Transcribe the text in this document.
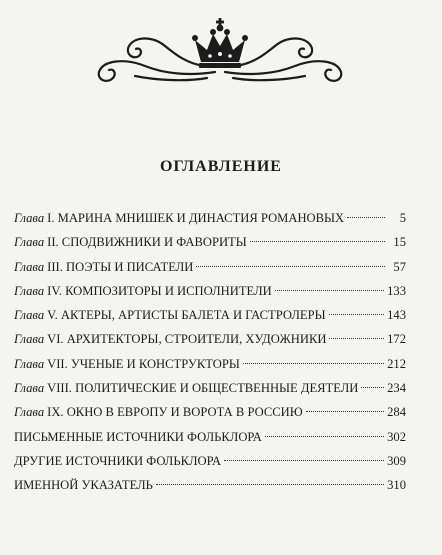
ОГЛАВЛЕНИЕ
Глава I. МАРИНА МНИШЕК И ДИНАСТИЯ РОМАНОВЫХ	5
Глава II. СПОДВИЖНИКИ И ФАВОРИТЫ	15
Глава III. ПОЭТЫ И ПИСАТЕЛИ	57
Глава IV. КОМПОЗИТОРЫ И ИСПОЛНИТЕЛИ	133
Глава V. АКТЕРЫ, АРТИСТЫ БАЛЕТА И ГАСТРОЛЕРЫ	143
Глава VI. АРХИТЕКТОРЫ, СТРОИТЕЛИ, ХУДОЖНИКИ	172
Глава VII. УЧЕНЫЕ И КОНСТРУКТОРЫ	212
Глава VIII. ПОЛИТИЧЕСКИЕ И ОБЩЕСТВЕННЫЕ ДЕЯТЕЛИ 234
Глава IX. ОКНО В ЕВРОПУ И ВОРОТА В РОССИЮ	284
ПИСЬМЕННЫЕ ИСТОЧНИКИ ФОЛЬКЛОРА	302
ДРУГИЕ ИСТОЧНИКИ ФОЛЬКЛОРА	309
ИМЕННОЙ УКАЗАТЕЛЬ	310
